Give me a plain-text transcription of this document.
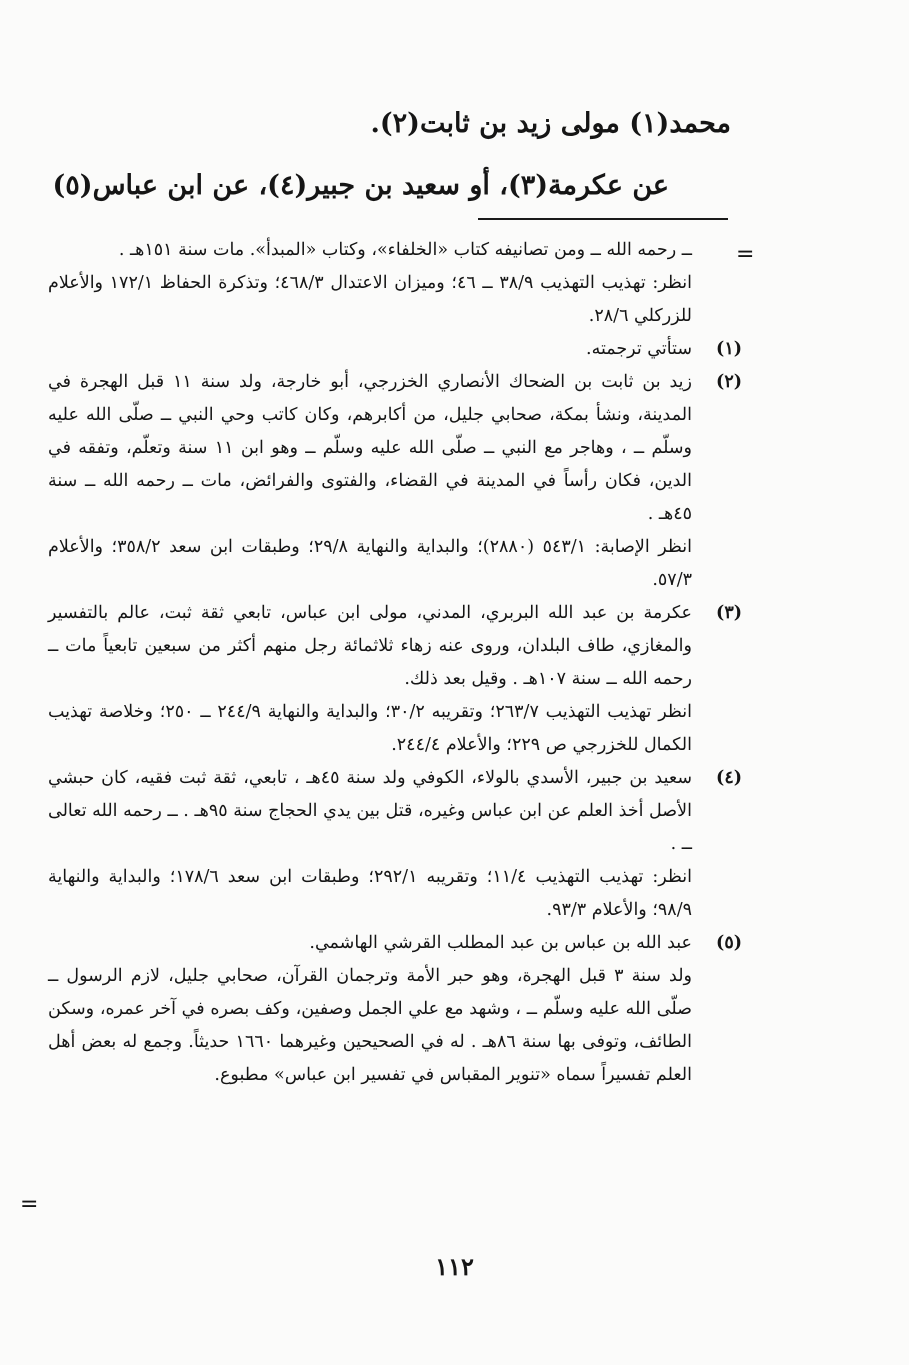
محمد(١) مولى زيد بن ثابت(٢).
عن عكرمة(٣)، أو سعيد بن جبير(٤)، عن ابن عباس(٥)
=

ــ رحمه الله ــ ومن تصانيفه كتاب «الخلفاء»، وكتاب «المبدأ». مات سنة ١٥١هـ .

انظر: تهذيب التهذيب ٣٨/٩ ــ ٤٦؛ وميزان الاعتدال ٤٦٨/٣؛ وتذكرة الحفاظ ١٧٢/١ والأعلام للزركلي ٢٨/٦.

(١)

ستأتي ترجمته.

(٢)

زيد بن ثابت بن الضحاك الأنصاري الخزرجي، أبو خارجة، ولد سنة ١١ قبل الهجرة في المدينة، ونشأ بمكة، صحابي جليل، من أكابرهم، وكان كاتب وحي النبي ــ صلّى الله عليه وسلّم ــ ، وهاجر مع النبي ــ صلّى الله عليه وسلّم ــ وهو ابن ١١ سنة وتعلّم، وتفقه في الدين، فكان رأساً في المدينة في القضاء، والفتوى والفرائض، مات ــ رحمه الله ــ سنة ٤٥هـ .

انظر الإصابة: ٥٤٣/١ (٢٨٨٠)؛ والبداية والنهاية ٢٩/٨؛ وطبقات ابن سعد ٣٥٨/٢؛ والأعلام ٥٧/٣.

(٣)

عكرمة بن عبد الله البربري، المدني، مولى ابن عباس، تابعي ثقة ثبت، عالم بالتفسير والمغازي، طاف البلدان، وروى عنه زهاء ثلاثمائة رجل منهم أكثر من سبعين تابعياً مات ــ رحمه الله ــ سنة ١٠٧هـ . وقيل بعد ذلك.

انظر تهذيب التهذيب ٢٦٣/٧؛ وتقريبه ٣٠/٢؛ والبداية والنهاية ٢٤٤/٩ ــ ٢٥٠؛ وخلاصة تهذيب الكمال للخزرجي ص ٢٢٩؛ والأعلام ٢٤٤/٤.

(٤)

سعيد بن جبير، الأسدي بالولاء، الكوفي ولد سنة ٤٥هـ ، تابعي، ثقة ثبت فقيه، كان حبشي الأصل أخذ العلم عن ابن عباس وغيره، قتل بين يدي الحجاج سنة ٩٥هـ . ــ رحمه الله تعالى ــ .

انظر: تهذيب التهذيب ١١/٤؛ وتقريبه ٢٩٢/١؛ وطبقات ابن سعد ١٧٨/٦؛ والبداية والنهاية ٩٨/٩؛ والأعلام ٩٣/٣.

(٥)

عبد الله بن عباس بن عبد المطلب القرشي الهاشمي.

ولد سنة ٣ قبل الهجرة، وهو حبر الأمة وترجمان القرآن، صحابي جليل، لازم الرسول ــ صلّى الله عليه وسلّم ــ ، وشهد مع علي الجمل وصفين، وكف بصره في آخر عمره، وسكن الطائف، وتوفى بها سنة ٨٦هـ . له في الصحيحين وغيرهما ١٦٦٠ حديثاً. وجمع له بعض أهل العلم تفسيراً سماه «تنوير المقباس في تفسير ابن عباس» مطبوع.

=
١١٢
